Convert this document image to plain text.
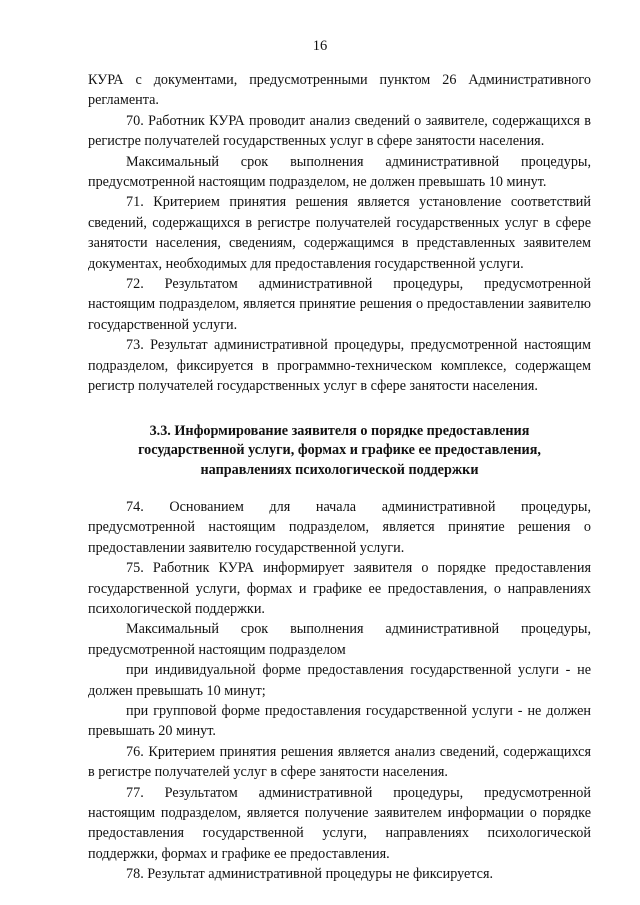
16

КУРА с документами, предусмотренными пунктом 26 Административного регламента.

70. Работник КУРА проводит анализ сведений о заявителе, содержащихся в регистре получателей государственных услуг в сфере занятости населения.

Максимальный срок выполнения административной процедуры, предусмотренной настоящим подразделом, не должен превышать 10 минут.

71. Критерием принятия решения является установление соответствий сведений, содержащихся в регистре получателей государственных услуг в сфере занятости населения, сведениям, содержащимся в представленных заявителем документах, необходимых для предоставления государственной услуги.

72. Результатом административной процедуры, предусмотренной настоящим подразделом, является принятие решения о предоставлении заявителю государственной услуги.

73. Результат административной процедуры, предусмотренной настоящим подразделом, фиксируется в программно-техническом комплексе, содержащем регистр получателей государственных услуг в сфере занятости населения.

3.3. Информирование заявителя о порядке предоставления
государственной услуги, формах и графике ее предоставления,
направлениях психологической поддержки

74. Основанием для начала административной процедуры, предусмотренной настоящим подразделом, является принятие решения о предоставлении заявителю государственной услуги.

75. Работник КУРА информирует заявителя о порядке предоставления государственной услуги, формах и графике ее предоставления, о направлениях психологической поддержки.

Максимальный срок выполнения административной процедуры, предусмотренной настоящим подразделом

при индивидуальной форме предоставления государственной услуги - не должен превышать 10 минут;

при групповой форме предоставления государственной услуги - не должен превышать 20 минут.

76. Критерием принятия решения является анализ сведений, содержащихся в регистре получателей услуг в сфере занятости населения.

77. Результатом административной процедуры, предусмотренной настоящим подразделом, является получение заявителем информации о порядке предоставления государственной услуги, направлениях психологической поддержки, формах и графике ее предоставления.

78. Результат административной процедуры не фиксируется.
